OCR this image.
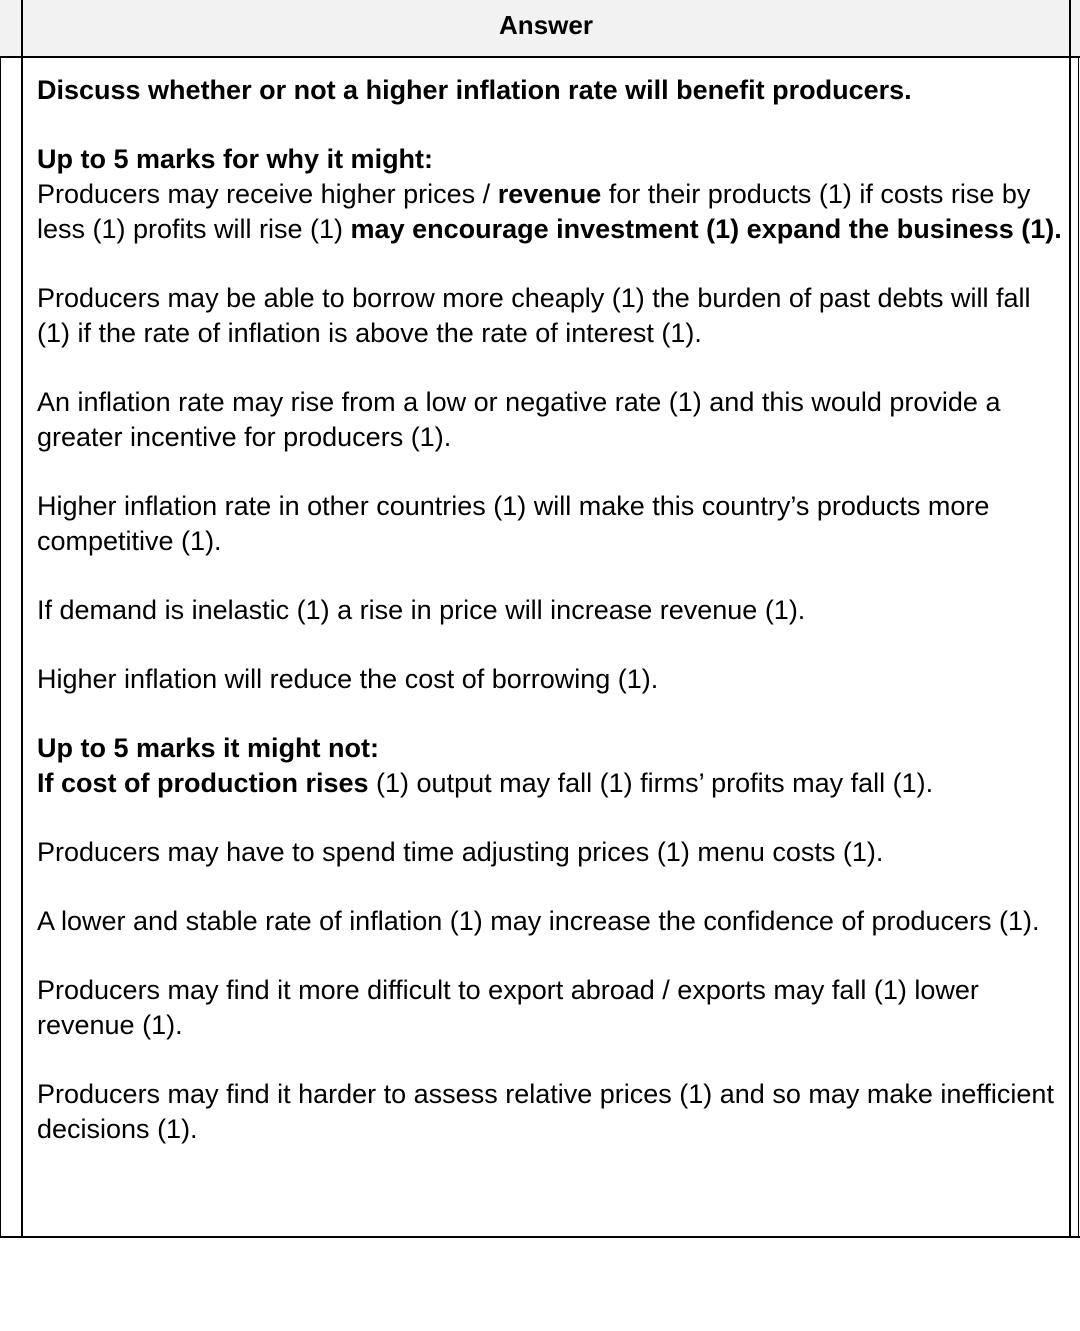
Answer

Discuss whether or not a higher inflation rate will benefit producers.

Up to 5 marks for why it might:
Producers may receive higher prices / revenue for their products (1) if costs rise by less (1) profits will rise (1) may encourage investment (1) expand the business (1).

Producers may be able to borrow more cheaply (1) the burden of past debts will fall (1) if the rate of inflation is above the rate of interest (1).

An inflation rate may rise from a low or negative rate (1) and this would provide a greater incentive for producers (1).

Higher inflation rate in other countries (1) will make this country’s products more competitive (1).

If demand is inelastic (1) a rise in price will increase revenue (1).

Higher inflation will reduce the cost of borrowing (1).

Up to 5 marks it might not:
If cost of production rises (1) output may fall (1) firms’ profits may fall (1).

Producers may have to spend time adjusting prices (1) menu costs (1).

A lower and stable rate of inflation (1) may increase the confidence of producers (1).

Producers may find it more difficult to export abroad / exports may fall (1) lower revenue (1).

Producers may find it harder to assess relative prices (1) and so may make inefficient decisions (1).
